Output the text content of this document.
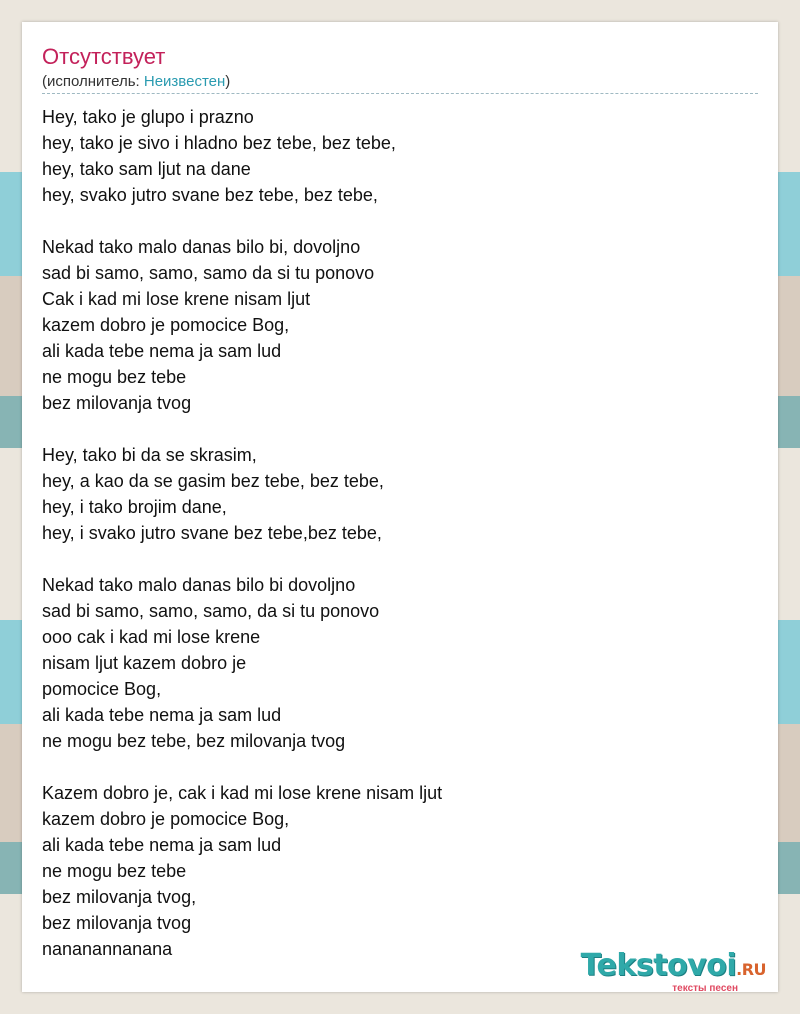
Отсутствует
(исполнитель: Неизвестен)
Hey, tako je glupo i prazno
hey, tako je sivo i hladno bez tebe, bez tebe,
hey, tako sam ljut na dane
hey, svako jutro svane bez tebe, bez tebe,
Nekad tako malo danas bilo bi, dovoljno
sad bi samo, samo, samo da si tu ponovo
Cak i kad mi lose krene nisam ljut
kazem dobro je pomocice Bog,
ali kada tebe nema ja sam lud
ne mogu bez tebe
bez milovanja tvog
Hey, tako bi da se skrasim,
hey, a kao da se gasim bez tebe, bez tebe,
hey, i tako brojim dane,
hey, i svako jutro svane bez tebe,bez tebe,
Nekad tako malo danas bilo bi dovoljno
sad bi samo, samo, samo, da si tu ponovo
ooo cak i kad mi lose krene
nisam ljut kazem dobro je
pomocice Bog,
ali kada tebe nema ja sam lud
ne mogu bez tebe, bez milovanja tvog
Kazem dobro je, cak i kad mi lose krene nisam ljut
kazem dobro je pomocice Bog,
ali kada tebe nema ja sam lud
ne mogu bez tebe
bez milovanja tvog,
bez milovanja tvog
nananannanana	Tekstovoi.RU
тексты песен
